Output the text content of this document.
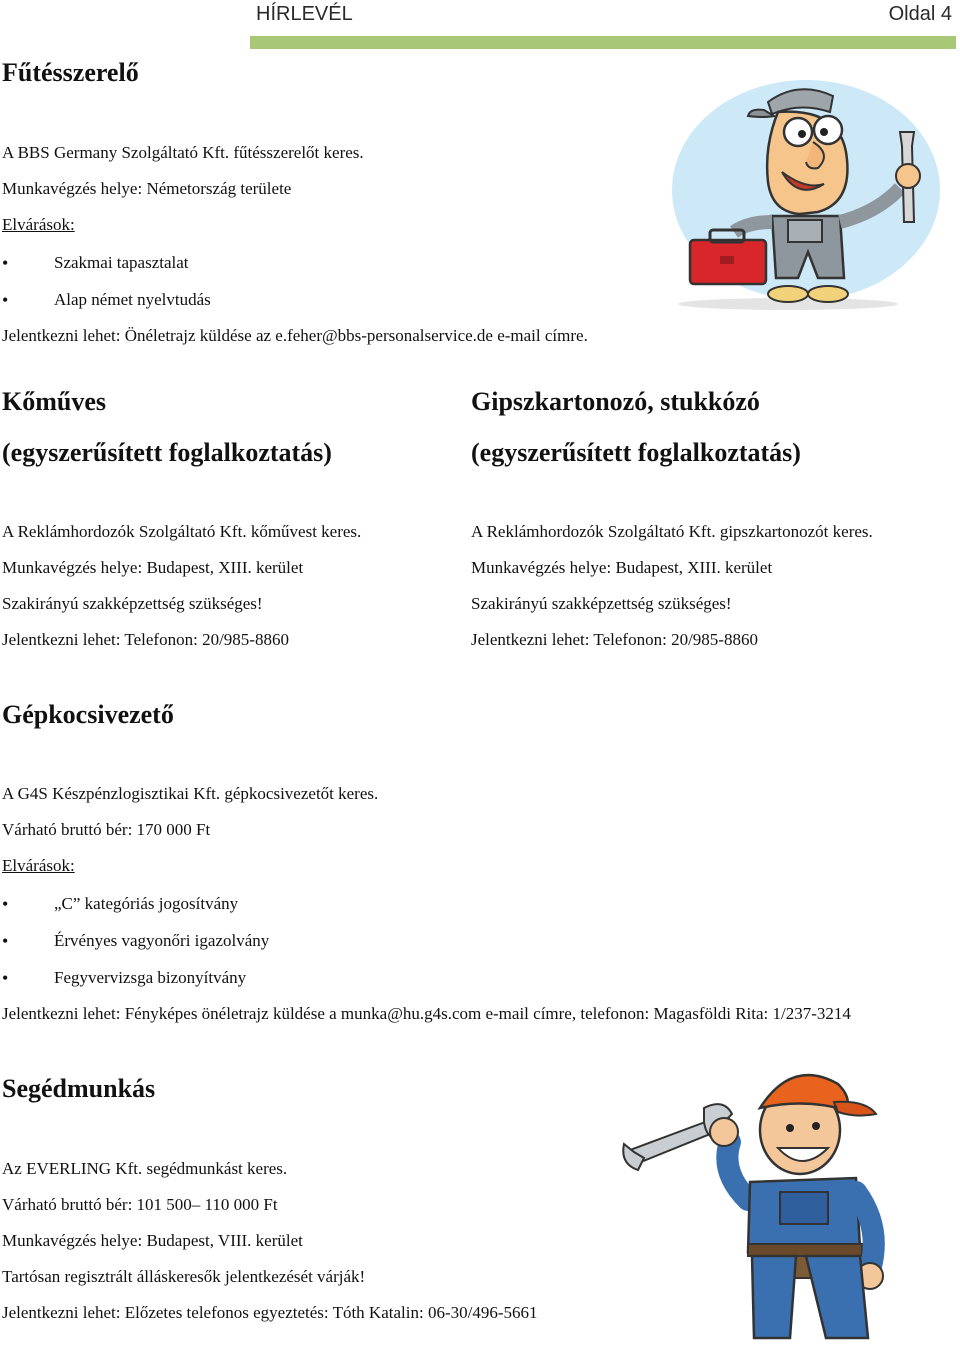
HÍRLEVÉL	Oldal 4
Fűtésszerelő
A BBS Germany Szolgáltató Kft. fűtésszerelőt keres.
Munkavégzés helye: Németország területe
Elvárások:
•	Szakmai tapasztalat
•	Alap német nyelvtudás
Jelentkezni lehet: Önéletrajz küldése az e.feher@bbs-personalservice.de e-mail címre.
Kőműves
(egyszerűsített foglalkoztatás)
Gipszkartonozó, stukkózó
(egyszerűsített foglalkoztatás)
A Reklámhordozók Szolgáltató Kft. kőművest keres.
Munkavégzés helye: Budapest, XIII. kerület
Szakirányú szakképzettség szükséges!
Jelentkezni lehet: Telefonon: 20/985-8860
A Reklámhordozók Szolgáltató Kft. gipszkartonozót keres.
Munkavégzés helye: Budapest, XIII. kerület
Szakirányú szakképzettség szükséges!
Jelentkezni lehet: Telefonon: 20/985-8860
Gépkocsivezető
A G4S Készpénzlogisztikai Kft. gépkocsivezetőt keres.
Várható bruttó bér: 170 000 Ft
Elvárások:
•	„C” kategóriás jogosítvány
•	Érvényes vagyonőri igazolvány
•	Fegyvervizsga bizonyítvány
Jelentkezni lehet: Fényképes önéletrajz küldése a munka@hu.g4s.com e-mail címre, telefonon: Magasföldi Rita: 1/237-3214
Segédmunkás
Az EVERLING Kft. segédmunkást keres.
Várható bruttó bér: 101 500– 110 000 Ft
Munkavégzés helye: Budapest, VIII. kerület
Tartósan regisztrált álláskeresők jelentkezését várják!
Jelentkezni lehet: Előzetes telefonos egyeztetés: Tóth Katalin: 06-30/496-5661
